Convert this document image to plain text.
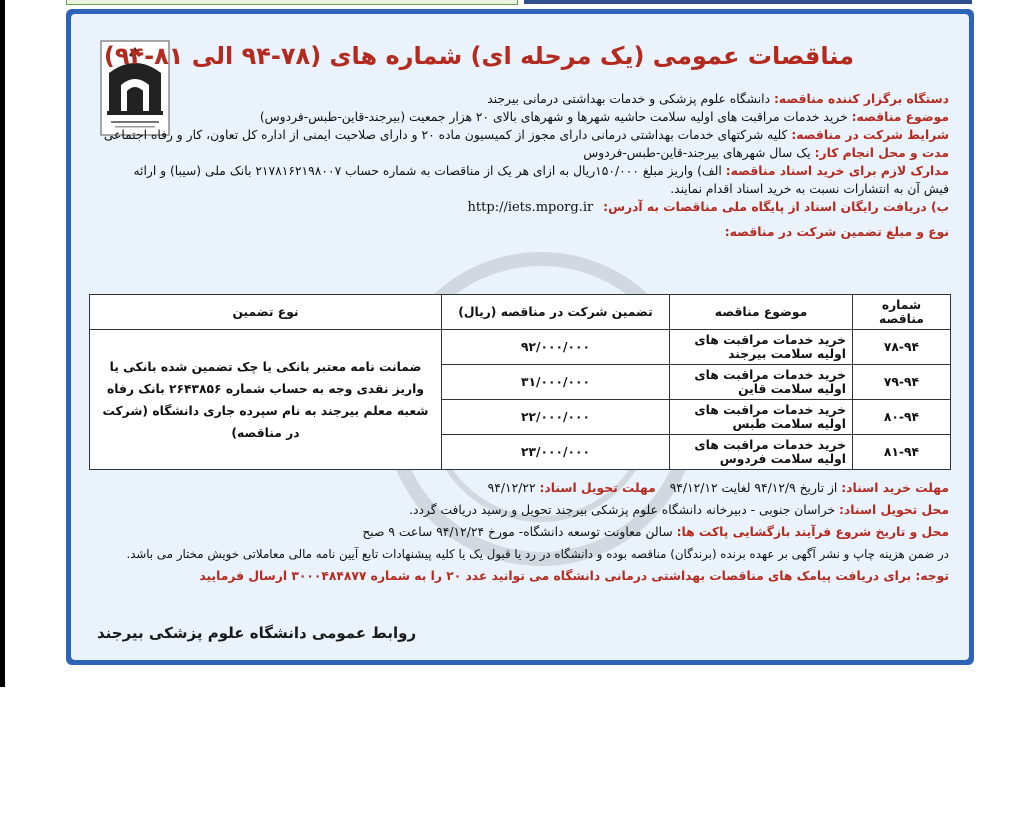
مناقصات عمومی (یک مرحله ای) شماره های (۷۸-۹۴ الی ۸۱-۹۴)
دستگاه برگزار کننده مناقصه: دانشگاه علوم پزشکی و خدمات بهداشتی درمانی بیرجند
موضوع مناقصه: خرید خدمات مراقبت های اولیه سلامت حاشیه شهرها و شهرهای بالای ۲۰ هزار جمعیت (بیرجند-قاین-طبس-فردوس)
شرایط شرکت در مناقصه: کلیه شرکتهای خدمات بهداشتی درمانی دارای مجوز از کمیسیون ماده ۲۰ و دارای صلاحیت ایمنی از اداره کل تعاون، کار و رفاه اجتماعی
مدت و محل انجام کار: یک سال شهرهای بیرجند-قاین-طبس-فردوس
مدارک لازم برای خرید اسناد مناقصه: الف) واریز مبلغ ۱۵۰/۰۰۰ریال به ازای هر یک از مناقصات به شماره حساب ۲۱۷۸۱۶۲۱۹۸۰۰۷ بانک ملی (سیبا) و ارائه
فیش آن به انتشارات نسبت به خرید اسناد اقدام نمایند.
ب) دریافت رایگان اسناد از پایگاه ملی مناقصات به آدرس: http://iets.mporg.ir
نوع و مبلغ تضمین شرکت در مناقصه:
شماره مناقصه	موضوع مناقصه	تضمین شرکت در مناقصه (ریال)	نوع تضمین
۷۸-۹۴	خرید خدمات مراقبت های اولیه سلامت بیرجند	۹۲/۰۰۰/۰۰۰	ضمانت نامه معتبر بانکی یا چک تضمین شده بانکی یا واریز نقدی وجه به حساب شماره ۲۶۴۳۸۵۶ بانک رفاه شعبه معلم بیرجند به نام سپرده جاری دانشگاه (شرکت در مناقصه)
۷۹-۹۴	خرید خدمات مراقبت های اولیه سلامت قاین	۳۱/۰۰۰/۰۰۰	
۸۰-۹۴	خرید خدمات مراقبت های اولیه سلامت طبس	۲۲/۰۰۰/۰۰۰	
۸۱-۹۴	خرید خدمات مراقبت های اولیه سلامت فردوس	۲۳/۰۰۰/۰۰۰	
مهلت خرید اسناد: از تاریخ ۹۴/۱۲/۹ لغایت ۹۴/۱۲/۱۲ مهلت تحویل اسناد: ۹۴/۱۲/۲۲
محل تحویل اسناد: خراسان جنوبی - دبیرخانه دانشگاه علوم پزشکی بیرجند تحویل و رسید دریافت گردد.
محل و تاریخ شروع فرآیند بازگشایی پاکت ها: سالن معاونت توسعه دانشگاه- مورخ ۹۴/۱۲/۲۴ ساعت ۹ صبح
در ضمن هزینه چاپ و نشر آگهی بر عهده برنده (برندگان) مناقصه بوده و دانشگاه در رد یا قبول یک یا کلیه پیشنهادات تابع آیین نامه مالی معاملاتی خویش مختار می باشد.
توجه: برای دریافت پیامک های مناقصات بهداشتی درمانی دانشگاه می توانید عدد ۲۰ را به شماره ۳۰۰۰۴۸۴۸۷۷ ارسال فرمایید
روابط عمومی دانشگاه علوم پزشکی بیرجند
